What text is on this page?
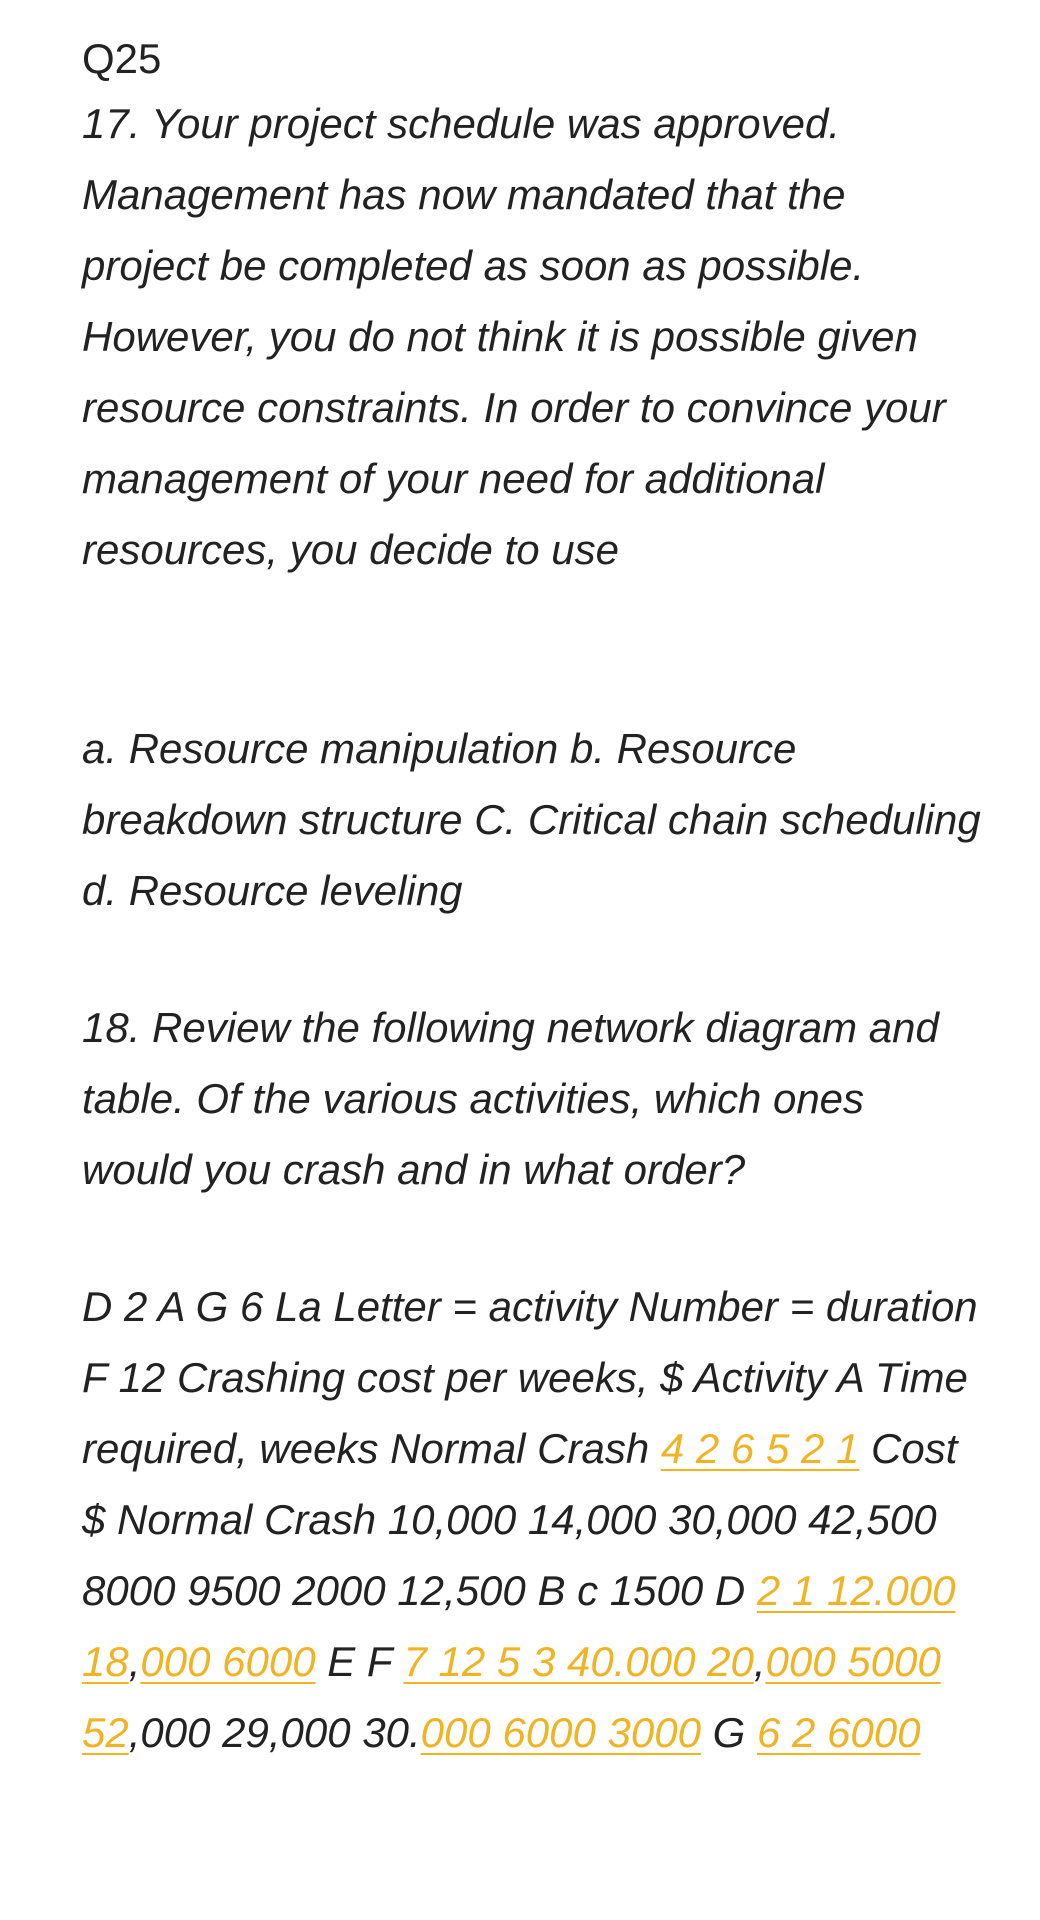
Q25

17. Your project schedule was approved. Management has now mandated that the project be completed as soon as possible. However, you do not think it is possible given resource constraints. In order to convince your management of your need for additional resources, you decide to use

a. Resource manipulation b. Resource breakdown structure C. Critical chain scheduling d. Resource leveling

18. Review the following network diagram and table. Of the various activities, which ones would you crash and in what order?

D 2 A G 6 La Letter = activity Number = duration F 12 Crashing cost per weeks, $ Activity A Time required, weeks Normal Crash 4 2 6 5 2 1 Cost $ Normal Crash 10,000 14,000 30,000 42,500 8000 9500 2000 12,500 B c 1500 D 2 1 12.000 18,000 6000 E F 7 12 5 3 40.000 20,000 5000 52,000 29,000 30.000 6000 3000 G 6 2 6000
